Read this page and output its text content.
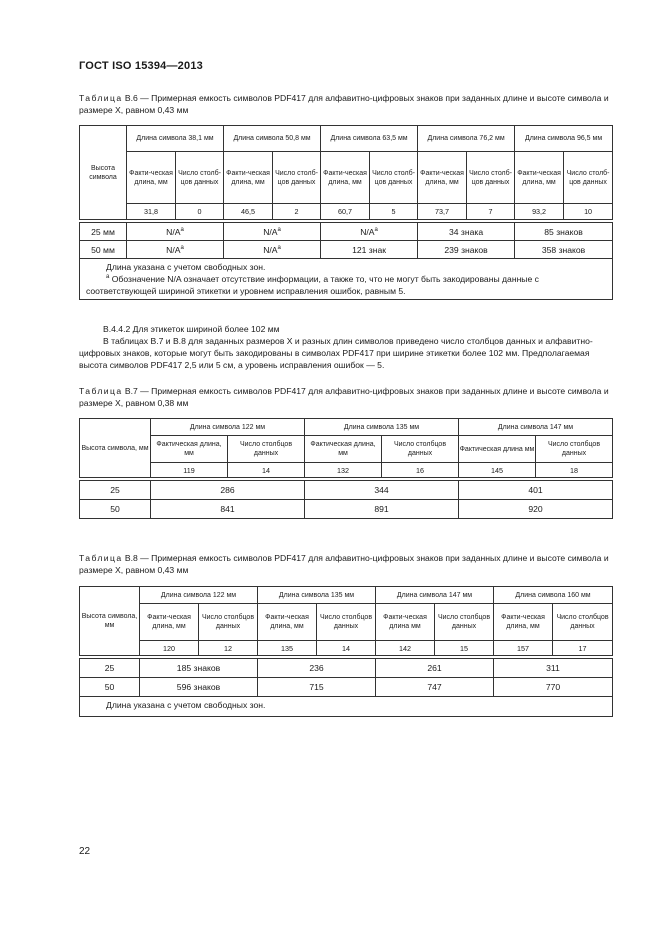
ГОСТ ISO 15394—2013
Таблица В.6 — Примерная емкость символов PDF417 для алфавитно-цифровых знаков при заданных длине и высоте символа и размере X, равном 0,43 мм
Высота символа	Длина символа 38,1 мм		Длина символа 50,8 мм		Длина символа 63,5 мм		Длина символа 76,2 мм		Длина символа 96,5 мм	
	Факти-ческая длина, мм	Число столб-цов данных	Факти-ческая длина, мм	Число столб-цов данных	Факти-ческая длина, мм	Число столб-цов данных	Факти-ческая длина, мм	Число столб-цов данных	Факти-ческая длина, мм	Число столб-цов данных
	31,8	0	46,5	2	60,7	5	73,7	7	93,2	10

25 мм	$N/A^a$		$N/A^a$		$N/A^a$		34 знака		85 знаков	
50 мм	$N/A^a$		$N/A^a$		121 знак		239 знаков		358 знаков	

Длина указана с учетом свободных зон.
$^a$ Обозначение N/A означает отсутствие информации, а также то, что не могут быть закодированы данные с соответствующей шириной этикетки и уровнем исправления ошибок, равным 5.										
В.4.4.2 Для этикеток шириной более 102 мм
В таблицах В.7 и В.8 для заданных размеров X и разных длин символов приведено число столбцов данных и алфавитно-цифровых знаков, которые могут быть закодированы в символах PDF417 при ширине этикетки более 102 мм. Предполагаемая высота символов PDF417 2,5 или 5 см, а уровень исправления ошибок — 5.
Таблица В.7 — Примерная емкость символов PDF417 для алфавитно-цифровых знаков при заданных длине и высоте символа и размере X, равном 0,38 мм
Высота символа, мм	Длина символа 122 мм		Длина символа 135 мм		Длина символа 147 мм	
	Фактическая длина, мм	Число столбцов данных	Фактическая длина, мм	Число столбцов данных	Фактическая длина мм	Число столбцов данных
	119	14	132	16	145	18

25	286		344		401	
50	841		891		920	
Таблица В.8 — Примерная емкость символов PDF417 для алфавитно-цифровых знаков при заданных длине и высоте символа и размере X, равном 0,43 мм
Высота символа, мм	Длина символа 122 мм		Длина символа 135 мм		Длина символа 147 мм		Длина символа 160 мм	
	Факти-ческая длина, мм	Число столбцов данных	Факти-ческая длина, мм	Число столбцов данных	Факти-ческая длина мм	Число столбцов данных	Факти-ческая длина, мм	Число столбцов данных
	120	12	135	14	142	15	157	17

25	185 знаков		236		261		311	
50	596 знаков		715		747		770	

Длина указана с учетом свободных зон.								
22
